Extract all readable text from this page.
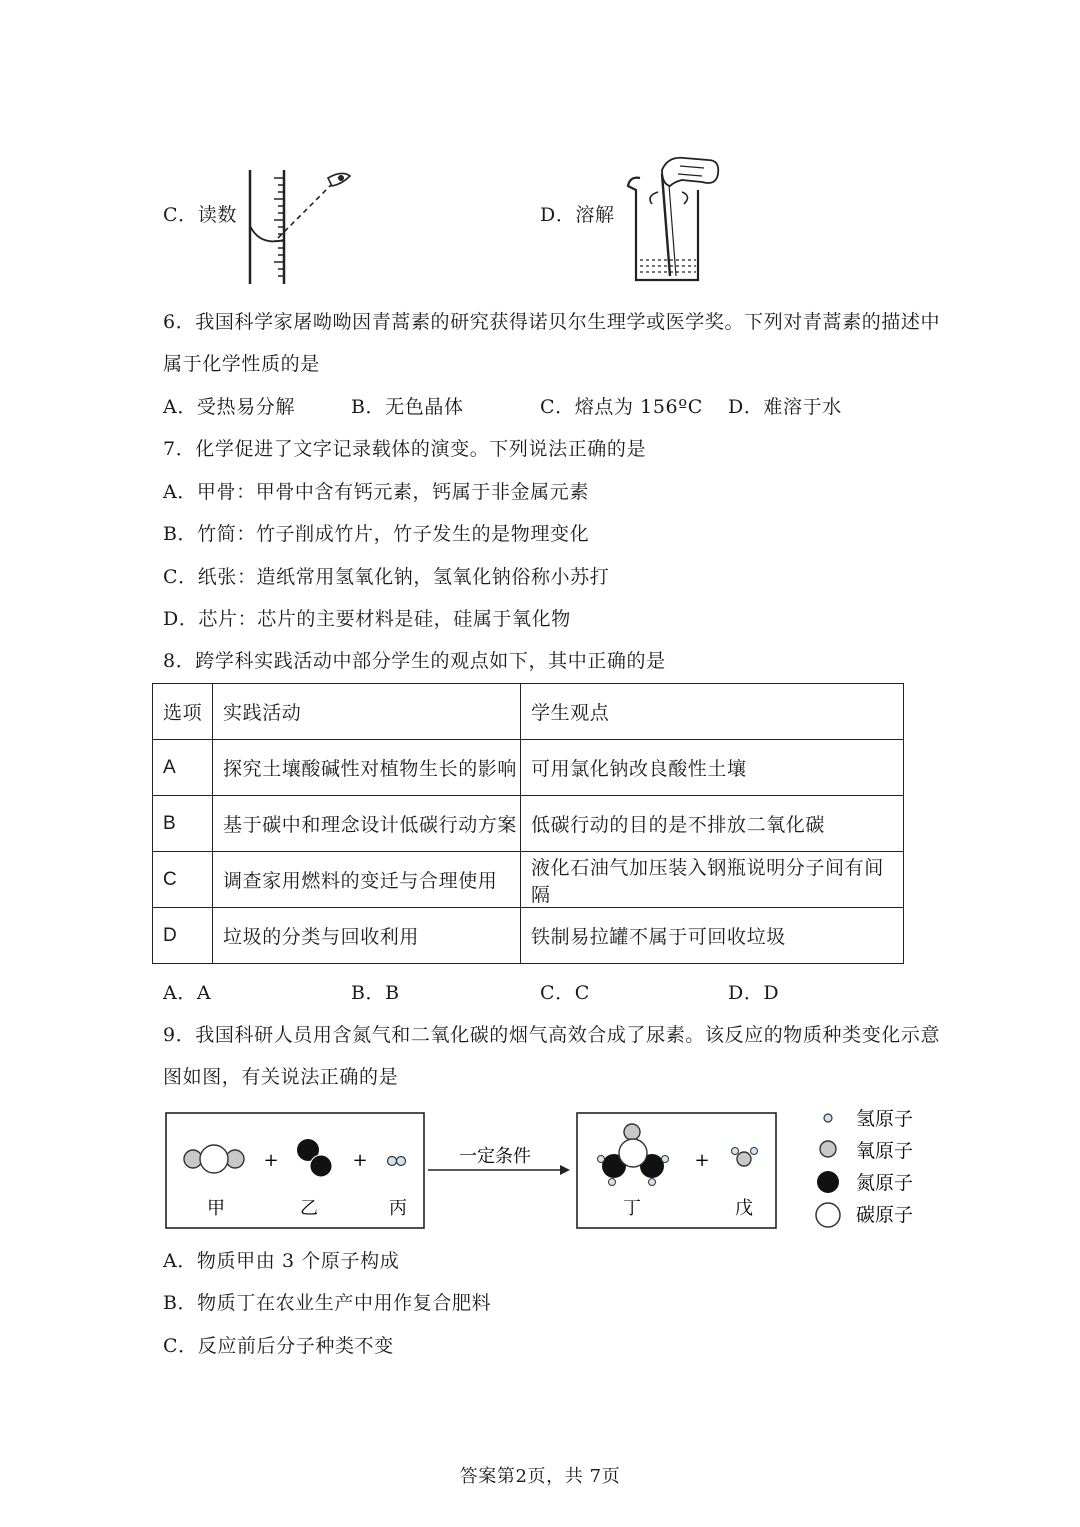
C．读数	D．溶解
6．我国科学家屠呦呦因青蒿素的研究获得诺贝尔生理学或医学奖。下列对青蒿素的描述中
属于化学性质的是
A．受热易分解	B．无色晶体	C．熔点为 156ºC D．难溶于水
7．化学促进了文字记录载体的演变。下列说法正确的是
A．甲骨：甲骨中含有钙元素，钙属于非金属元素
B．竹简：竹子削成竹片，竹子发生的是物理变化
C．纸张：造纸常用氢氧化钠，氢氧化钠俗称小苏打
D．芯片：芯片的主要材料是硅，硅属于氧化物
8．跨学科实践活动中部分学生的观点如下，其中正确的是
选项	实践活动	学生观点
A	探究土壤酸碱性对植物生长的影响	可用氯化钠改良酸性土壤
B	基于碳中和理念设计低碳行动方案	低碳行动的目的是不排放二氧化碳
C	调查家用燃料的变迁与合理使用	液化石油气加压装入钢瓶说明分子间有间隔
D	垃圾的分类与回收利用	铁制易拉罐不属于可回收垃圾
A．A	B．B	C．C	D．D
9．我国科研人员用含氮气和二氧化碳的烟气高效合成了尿素。该反应的物质种类变化示意
图如图，有关说法正确的是
+	+
甲	乙	丙
一定条件	+
丁	戊
氢原子
氧原子
氮原子
碳原子
A．物质甲由 3 个原子构成
B．物质丁在农业生产中用作复合肥料
C．反应前后分子种类不变
答案第2页，共 7页
